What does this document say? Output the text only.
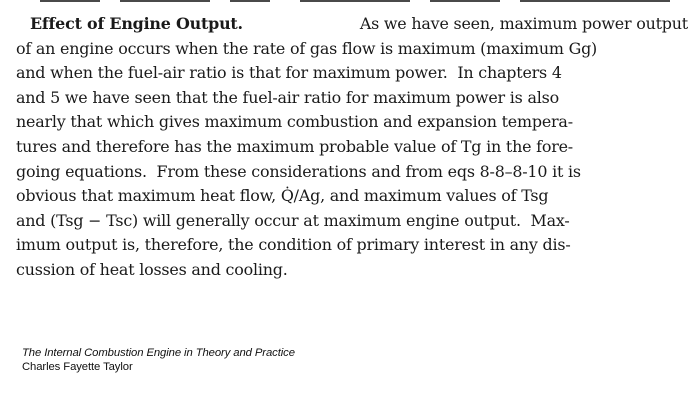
Effect of Engine Output.	As we have seen, maximum power output
of an engine occurs when the rate of gas flow is maximum (maximum Gg)
and when the fuel-air ratio is that for maximum power.  In chapters 4
and 5 we have seen that the fuel-air ratio for maximum power is also
nearly that which gives maximum combustion and expansion tempera-
tures and therefore has the maximum probable value of Tg in the fore-
going equations.  From these considerations and from eqs 8-8–8-10 it is
obvious that maximum heat flow, Q̇/Ag, and maximum values of Tsg
and (Tsg − Tsc) will generally occur at maximum engine output.  Max-
imum output is, therefore, the condition of primary interest in any dis-
cussion of heat losses and cooling.
The Internal Combustion Engine in Theory and Practice
Charles Fayette Taylor
